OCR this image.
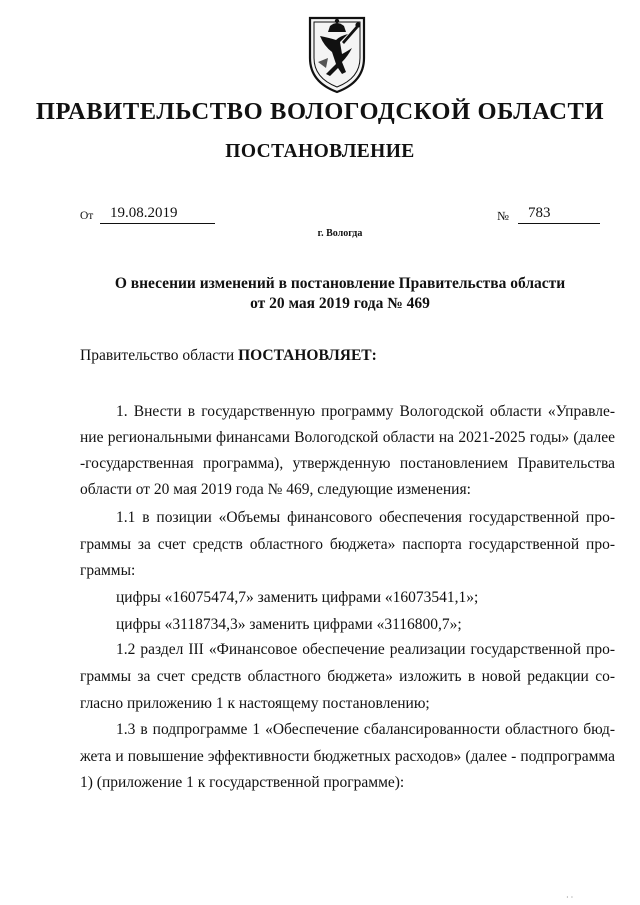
ПРАВИТЕЛЬСТВО ВОЛОГОДСКОЙ ОБЛАСТИ
ПОСТАНОВЛЕНИЕ
От	19.08.2019	№	783
г. Вологда
О внесении изменений в постановление Правительства области
от 20 мая 2019 года № 469
Правительство области ПОСТАНОВЛЯЕТ:
1. Внести в государственную программу Вологодской области «Управле-
ние региональными финансами Вологодской области на 2021-2025 годы» (далее
-государственная программа), утвержденную постановлением Правительства
области от 20 мая 2019 года № 469, следующие изменения:
1.1 в позиции «Объемы финансового обеспечения государственной про-
граммы за счет средств областного бюджета» паспорта государственной про-
граммы:
цифры «16075474,7» заменить цифрами «16073541,1»;
цифры «3118734,3» заменить цифрами «3116800,7»;
1.2 раздел III «Финансовое обеспечение реализации государственной про-
граммы за счет средств областного бюджета» изложить в новой редакции со-
гласно приложению 1 к настоящему постановлению;
1.3 в подпрограмме 1 «Обеспечение сбалансированности областного бюд-
жета и повышение эффективности бюджетных расходов» (далее - подпрограмма
1) (приложение 1 к государственной программе):
· ·
